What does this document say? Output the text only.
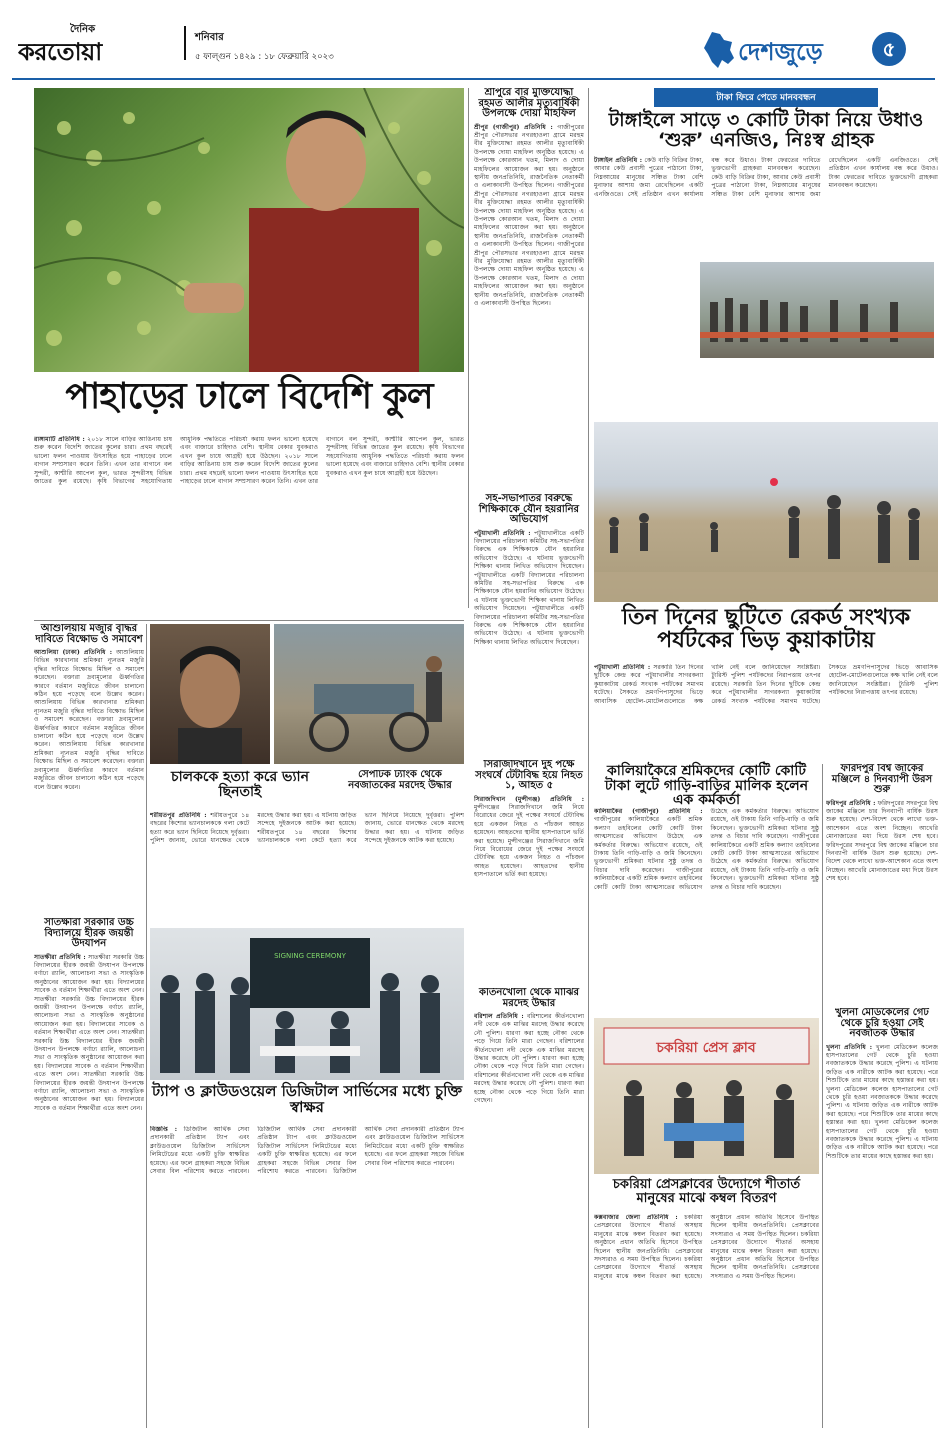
দৈনিক
করতোয়া
শনিবার
৫ ফাল্গুন ১৪২৯ : ১৮ ফেব্রুয়ারি ২০২৩	দেশজুড়ে	৫
পাহাড়ের ঢালে বিদেশি কুল
রাঙ্গামাটি প্রতিনিধি : ২০১৮ সালে বাড়ির আঙিনায় চাষ শুরু করেন বিদেশি জাতের কুলের চারা। প্রথম বছরেই ভালো ফলন পাওয়ায় উৎসাহিত হয়ে পাহাড়ের ঢালে বাগান সম্প্রসারণ করেন তিনি। এখন তার বাগানে বল সুন্দরী, কাশ্মীরি আপেল কুল, ভারত সুন্দরীসহ বিভিন্ন জাতের কুল রয়েছে। কৃষি বিভাগের সহযোগিতায় আধুনিক পদ্ধতিতে পরিচর্যা করায় ফলন ভালো হয়েছে এবং বাজারে চাহিদাও বেশি। স্থানীয় বেকার যুবকরাও এখন কুল চাষে আগ্রহী হয়ে উঠছেন। ২০১৮ সালে বাড়ির আঙিনায় চাষ শুরু করেন বিদেশি জাতের কুলের চারা। প্রথম বছরেই ভালো ফলন পাওয়ায় উৎসাহিত হয়ে পাহাড়ের ঢালে বাগান সম্প্রসারণ করেন তিনি। এখন তার বাগানে বল সুন্দরী, কাশ্মীরি আপেল কুল, ভারত সুন্দরীসহ বিভিন্ন জাতের কুল রয়েছে। কৃষি বিভাগের সহযোগিতায় আধুনিক পদ্ধতিতে পরিচর্যা করায় ফলন ভালো হয়েছে এবং বাজারে চাহিদাও বেশি। স্থানীয় বেকার যুবকরাও এখন কুল চাষে আগ্রহী হয়ে উঠছেন।
শ্রীপুরে বীর মুক্তিযোদ্ধা রহমত আলীর মৃত্যুবার্ষিকী উপলক্ষে দোয়া মাহফিল
শ্রীপুর (গাজীপুর) প্রতিনিধি : গাজীপুরের শ্রীপুর পৌরসভার নগরহাওলা গ্রামে মরহুম বীর মুক্তিযোদ্ধা রহমত আলীর মৃত্যুবার্ষিকী উপলক্ষে দোয়া মাহফিল অনুষ্ঠিত হয়েছে। এ উপলক্ষে কোরআন খতম, মিলাদ ও দোয়া মাহফিলের আয়োজন করা হয়। অনুষ্ঠানে স্থানীয় জনপ্রতিনিধি, রাজনৈতিক নেতাকর্মী ও এলাকাবাসী উপস্থিত ছিলেন। গাজীপুরের শ্রীপুর পৌরসভার নগরহাওলা গ্রামে মরহুম বীর মুক্তিযোদ্ধা রহমত আলীর মৃত্যুবার্ষিকী উপলক্ষে দোয়া মাহফিল অনুষ্ঠিত হয়েছে। এ উপলক্ষে কোরআন খতম, মিলাদ ও দোয়া মাহফিলের আয়োজন করা হয়। অনুষ্ঠানে স্থানীয় জনপ্রতিনিধি, রাজনৈতিক নেতাকর্মী ও এলাকাবাসী উপস্থিত ছিলেন। গাজীপুরের শ্রীপুর পৌরসভার নগরহাওলা গ্রামে মরহুম বীর মুক্তিযোদ্ধা রহমত আলীর মৃত্যুবার্ষিকী উপলক্ষে দোয়া মাহফিল অনুষ্ঠিত হয়েছে। এ উপলক্ষে কোরআন খতম, মিলাদ ও দোয়া মাহফিলের আয়োজন করা হয়। অনুষ্ঠানে স্থানীয় জনপ্রতিনিধি, রাজনৈতিক নেতাকর্মী ও এলাকাবাসী উপস্থিত ছিলেন।
সহ-সভাপতির বিরুদ্ধে শিক্ষিকাকে যৌন হয়রানির অভিযোগ
পটুয়াখালী প্রতিনিধি : পটুয়াখালীতে একটি বিদ্যালয়ের পরিচালনা কমিটির সহ-সভাপতির বিরুদ্ধে এক শিক্ষিকাকে যৌন হয়রানির অভিযোগ উঠেছে। এ ঘটনায় ভুক্তভোগী শিক্ষিকা থানায় লিখিত অভিযোগ দিয়েছেন। পটুয়াখালীতে একটি বিদ্যালয়ের পরিচালনা কমিটির সহ-সভাপতির বিরুদ্ধে এক শিক্ষিকাকে যৌন হয়রানির অভিযোগ উঠেছে। এ ঘটনায় ভুক্তভোগী শিক্ষিকা থানায় লিখিত অভিযোগ দিয়েছেন। পটুয়াখালীতে একটি বিদ্যালয়ের পরিচালনা কমিটির সহ-সভাপতির বিরুদ্ধে এক শিক্ষিকাকে যৌন হয়রানির অভিযোগ উঠেছে। এ ঘটনায় ভুক্তভোগী শিক্ষিকা থানায় লিখিত অভিযোগ দিয়েছেন।
সিরাজদিখানে দুই পক্ষে সংঘর্ষে টেটাবিদ্ধ হয়ে নিহত ১, আহত ৫
সিরাজদিখান (মুন্সীগঞ্জ) প্রতিনিধি : মুন্সীগঞ্জের সিরাজদিখানে জমি নিয়ে বিরোধের জেরে দুই পক্ষের সংঘর্ষে টেটাবিদ্ধ হয়ে একজন নিহত ও পাঁচজন আহত হয়েছেন। আহতদের স্থানীয় হাসপাতালে ভর্তি করা হয়েছে। মুন্সীগঞ্জের সিরাজদিখানে জমি নিয়ে বিরোধের জেরে দুই পক্ষের সংঘর্ষে টেটাবিদ্ধ হয়ে একজন নিহত ও পাঁচজন আহত হয়েছেন। আহতদের স্থানীয় হাসপাতালে ভর্তি করা হয়েছে।
কীর্তনখোলা থেকে মাঝির মরদেহ উদ্ধার
বরিশাল প্রতিনিধি : বরিশালের কীর্তনখোলা নদী থেকে এক মাঝির মরদেহ উদ্ধার করেছে নৌ পুলিশ। ধারণা করা হচ্ছে নৌকা থেকে পড়ে গিয়ে তিনি মারা গেছেন। বরিশালের কীর্তনখোলা নদী থেকে এক মাঝির মরদেহ উদ্ধার করেছে নৌ পুলিশ। ধারণা করা হচ্ছে নৌকা থেকে পড়ে গিয়ে তিনি মারা গেছেন। বরিশালের কীর্তনখোলা নদী থেকে এক মাঝির মরদেহ উদ্ধার করেছে নৌ পুলিশ। ধারণা করা হচ্ছে নৌকা থেকে পড়ে গিয়ে তিনি মারা গেছেন।
টাকা ফিরে পেতে মানববন্ধন
টাঙ্গাইলে সাড়ে ৩ কোটি টাকা নিয়ে উধাও ‘শুরু’ এনজিও, নিঃস্ব গ্রাহক
টাঙ্গাইল প্রতিনিধি : কেউ বাড়ি বিক্রির টাকা, আবার কেউ প্রবাসী পুত্রের পাঠানো টাকা, নিম্নআয়ের মানুষের সঞ্চিত টাকা বেশি মুনাফার আশায় জমা রেখেছিলেন একটি এনজিওতে। সেই প্রতিষ্ঠান এখন কার্যালয় বন্ধ করে উধাও। টাকা ফেরতের দাবিতে ভুক্তভোগী গ্রাহকরা মানববন্ধন করেছেন। কেউ বাড়ি বিক্রির টাকা, আবার কেউ প্রবাসী পুত্রের পাঠানো টাকা, নিম্নআয়ের মানুষের সঞ্চিত টাকা বেশি মুনাফার আশায় জমা রেখেছিলেন একটি এনজিওতে। সেই প্রতিষ্ঠান এখন কার্যালয় বন্ধ করে উধাও। টাকা ফেরতের দাবিতে ভুক্তভোগী গ্রাহকরা মানববন্ধন করেছেন।
তিন দিনের ছুটিতে রেকর্ড সংখ্যক পর্যটকের ভিড় কুয়াকাটায়
পটুয়াখালী প্রতিনিধি : সরকারি তিন দিনের ছুটিকে কেন্দ্র করে পটুয়াখালীর সাগরকন্যা কুয়াকাটায় রেকর্ড সংখ্যক পর্যটকের সমাগম ঘটেছে। সৈকতে ভ্রমণপিপাসুদের ভিড়ে আবাসিক হোটেল-মোটেলগুলোতে কক্ষ খালি নেই বলে জানিয়েছেন সংশ্লিষ্টরা। ট্যুরিস্ট পুলিশ পর্যটকদের নিরাপত্তায় তৎপর রয়েছে। সরকারি তিন দিনের ছুটিকে কেন্দ্র করে পটুয়াখালীর সাগরকন্যা কুয়াকাটায় রেকর্ড সংখ্যক পর্যটকের সমাগম ঘটেছে। সৈকতে ভ্রমণপিপাসুদের ভিড়ে আবাসিক হোটেল-মোটেলগুলোতে কক্ষ খালি নেই বলে জানিয়েছেন সংশ্লিষ্টরা। ট্যুরিস্ট পুলিশ পর্যটকদের নিরাপত্তায় তৎপর রয়েছে।
কালিয়াকৈরে শ্রমিকদের কোটি কোটি টাকা লুটে গাড়ি-বাড়ির মালিক হলেন এক কর্মকর্তা
কালিয়াকৈর (গাজীপুর) প্রতিনিধি : গাজীপুরের কালিয়াকৈরে একটি শ্রমিক কল্যাণ তহবিলের কোটি কোটি টাকা আত্মসাতের অভিযোগ উঠেছে এক কর্মকর্তার বিরুদ্ধে। অভিযোগ রয়েছে, ওই টাকায় তিনি গাড়ি-বাড়ি ও জমি কিনেছেন। ভুক্তভোগী শ্রমিকরা ঘটনার সুষ্ঠু তদন্ত ও বিচার দাবি করেছেন। গাজীপুরের কালিয়াকৈরে একটি শ্রমিক কল্যাণ তহবিলের কোটি কোটি টাকা আত্মসাতের অভিযোগ উঠেছে এক কর্মকর্তার বিরুদ্ধে। অভিযোগ রয়েছে, ওই টাকায় তিনি গাড়ি-বাড়ি ও জমি কিনেছেন। ভুক্তভোগী শ্রমিকরা ঘটনার সুষ্ঠু তদন্ত ও বিচার দাবি করেছেন। গাজীপুরের কালিয়াকৈরে একটি শ্রমিক কল্যাণ তহবিলের কোটি কোটি টাকা আত্মসাতের অভিযোগ উঠেছে এক কর্মকর্তার বিরুদ্ধে। অভিযোগ রয়েছে, ওই টাকায় তিনি গাড়ি-বাড়ি ও জমি কিনেছেন। ভুক্তভোগী শ্রমিকরা ঘটনার সুষ্ঠু তদন্ত ও বিচার দাবি করেছেন।
ফরিদপুর বিশ্ব জাকের মঞ্জিলে ৪ দিনব্যাপী উরস শুরু
ফরিদপুর প্রতিনিধি : ফরিদপুরের সদরপুরে বিশ্ব জাকের মঞ্জিলে চার দিনব্যাপী বার্ষিক উরস শুরু হয়েছে। দেশ-বিদেশ থেকে লাখো ভক্ত-আশেকান এতে অংশ নিচ্ছেন। আখেরি মোনাজাতের মধ্য দিয়ে উরস শেষ হবে। ফরিদপুরের সদরপুরে বিশ্ব জাকের মঞ্জিলে চার দিনব্যাপী বার্ষিক উরস শুরু হয়েছে। দেশ-বিদেশ থেকে লাখো ভক্ত-আশেকান এতে অংশ নিচ্ছেন। আখেরি মোনাজাতের মধ্য দিয়ে উরস শেষ হবে।
চকরিয়া প্রেস ক্লাব
চকরিয়া প্রেসক্লাবের উদ্যোগে শীতার্ত মানুষের মাঝে কম্বল বিতরণ
কক্সবাজার জেলা প্রতিনিধি : চকরিয়া প্রেসক্লাবের উদ্যোগে শীতার্ত অসহায় মানুষের মাঝে কম্বল বিতরণ করা হয়েছে। অনুষ্ঠানে প্রধান অতিথি হিসেবে উপস্থিত ছিলেন স্থানীয় জনপ্রতিনিধি। প্রেসক্লাবের সদস্যরাও এ সময় উপস্থিত ছিলেন। চকরিয়া প্রেসক্লাবের উদ্যোগে শীতার্ত অসহায় মানুষের মাঝে কম্বল বিতরণ করা হয়েছে। অনুষ্ঠানে প্রধান অতিথি হিসেবে উপস্থিত ছিলেন স্থানীয় জনপ্রতিনিধি। প্রেসক্লাবের সদস্যরাও এ সময় উপস্থিত ছিলেন। চকরিয়া প্রেসক্লাবের উদ্যোগে শীতার্ত অসহায় মানুষের মাঝে কম্বল বিতরণ করা হয়েছে। অনুষ্ঠানে প্রধান অতিথি হিসেবে উপস্থিত ছিলেন স্থানীয় জনপ্রতিনিধি। প্রেসক্লাবের সদস্যরাও এ সময় উপস্থিত ছিলেন।
খুলনা মেডিকেলের গেট থেকে চুরি হওয়া সেই নবজাতক উদ্ধার
খুলনা প্রতিনিধি : খুলনা মেডিকেল কলেজ হাসপাতালের গেট থেকে চুরি হওয়া নবজাতককে উদ্ধার করেছে পুলিশ। এ ঘটনায় জড়িত এক নারীকে আটক করা হয়েছে। পরে শিশুটিকে তার মায়ের কাছে হস্তান্তর করা হয়। খুলনা মেডিকেল কলেজ হাসপাতালের গেট থেকে চুরি হওয়া নবজাতককে উদ্ধার করেছে পুলিশ। এ ঘটনায় জড়িত এক নারীকে আটক করা হয়েছে। পরে শিশুটিকে তার মায়ের কাছে হস্তান্তর করা হয়। খুলনা মেডিকেল কলেজ হাসপাতালের গেট থেকে চুরি হওয়া নবজাতককে উদ্ধার করেছে পুলিশ। এ ঘটনায় জড়িত এক নারীকে আটক করা হয়েছে। পরে শিশুটিকে তার মায়ের কাছে হস্তান্তর করা হয়।
আশুলিয়ায় মজুরি বৃদ্ধির দাবিতে বিক্ষোভ ও সমাবেশ
আশুলিয়া (ঢাকা) প্রতিনিধি : আশুলিয়ায় বিভিন্ন কারখানার শ্রমিকরা ন্যূনতম মজুরি বৃদ্ধির দাবিতে বিক্ষোভ মিছিল ও সমাবেশ করেছেন। বক্তারা দ্রব্যমূল্যের ঊর্ধ্বগতির কারণে বর্তমান মজুরিতে জীবন চালানো কঠিন হয়ে পড়েছে বলে উল্লেখ করেন। আশুলিয়ায় বিভিন্ন কারখানার শ্রমিকরা ন্যূনতম মজুরি বৃদ্ধির দাবিতে বিক্ষোভ মিছিল ও সমাবেশ করেছেন। বক্তারা দ্রব্যমূল্যের ঊর্ধ্বগতির কারণে বর্তমান মজুরিতে জীবন চালানো কঠিন হয়ে পড়েছে বলে উল্লেখ করেন। আশুলিয়ায় বিভিন্ন কারখানার শ্রমিকরা ন্যূনতম মজুরি বৃদ্ধির দাবিতে বিক্ষোভ মিছিল ও সমাবেশ করেছেন। বক্তারা দ্রব্যমূল্যের ঊর্ধ্বগতির কারণে বর্তমান মজুরিতে জীবন চালানো কঠিন হয়ে পড়েছে বলে উল্লেখ করেন।
সাতক্ষীরা সরকারি উচ্চ বিদ্যালয়ে হীরক জয়ন্তী উদযাপন
সাতক্ষীরা প্রতিনিধি : সাতক্ষীরা সরকারি উচ্চ বিদ্যালয়ের হীরক জয়ন্তী উদযাপন উপলক্ষে বর্ণাঢ্য র‍্যালি, আলোচনা সভা ও সাংস্কৃতিক অনুষ্ঠানের আয়োজন করা হয়। বিদ্যালয়ের সাবেক ও বর্তমান শিক্ষার্থীরা এতে অংশ নেন। সাতক্ষীরা সরকারি উচ্চ বিদ্যালয়ের হীরক জয়ন্তী উদযাপন উপলক্ষে বর্ণাঢ্য র‍্যালি, আলোচনা সভা ও সাংস্কৃতিক অনুষ্ঠানের আয়োজন করা হয়। বিদ্যালয়ের সাবেক ও বর্তমান শিক্ষার্থীরা এতে অংশ নেন। সাতক্ষীরা সরকারি উচ্চ বিদ্যালয়ের হীরক জয়ন্তী উদযাপন উপলক্ষে বর্ণাঢ্য র‍্যালি, আলোচনা সভা ও সাংস্কৃতিক অনুষ্ঠানের আয়োজন করা হয়। বিদ্যালয়ের সাবেক ও বর্তমান শিক্ষার্থীরা এতে অংশ নেন। সাতক্ষীরা সরকারি উচ্চ বিদ্যালয়ের হীরক জয়ন্তী উদযাপন উপলক্ষে বর্ণাঢ্য র‍্যালি, আলোচনা সভা ও সাংস্কৃতিক অনুষ্ঠানের আয়োজন করা হয়। বিদ্যালয়ের সাবেক ও বর্তমান শিক্ষার্থীরা এতে অংশ নেন।
চালককে হত্যা করে ভ্যান ছিনতাই
শরীয়তপুর প্রতিনিধি : শরীয়তপুরে ১৪ বছরের কিশোর ভ্যানচালককে গলা কেটে হত্যা করে ভ্যান ছিনিয়ে নিয়েছে দুর্বৃত্তরা। পুলিশ জানায়, ভোরে ধানক্ষেত থেকে মরদেহ উদ্ধার করা হয়। এ ঘটনায় জড়িত সন্দেহে দুইজনকে আটক করা হয়েছে। শরীয়তপুরে ১৪ বছরের কিশোর ভ্যানচালককে গলা কেটে হত্যা করে ভ্যান ছিনিয়ে নিয়েছে দুর্বৃত্তরা। পুলিশ জানায়, ভোরে ধানক্ষেত থেকে মরদেহ উদ্ধার করা হয়। এ ঘটনায় জড়িত সন্দেহে দুইজনকে আটক করা হয়েছে।
সেপটিক ট্যাংক থেকে নবজাতকের মরদেহ উদ্ধার
SIGNING CEREMONY
ট্যাপ ও ক্লাউডওয়েল ডিজিটাল সার্ভিসের মধ্যে চুক্তি স্বাক্ষর
বিজ্ঞপ্তি : ডিজিটাল আর্থিক সেবা প্রদানকারী প্রতিষ্ঠান ট্যাপ এবং ক্লাউডওয়েল ডিজিটাল সার্ভিসেস লিমিটেডের মধ্যে একটি চুক্তি স্বাক্ষরিত হয়েছে। এর ফলে গ্রাহকরা সহজে বিভিন্ন সেবার বিল পরিশোধ করতে পারবেন। ডিজিটাল আর্থিক সেবা প্রদানকারী প্রতিষ্ঠান ট্যাপ এবং ক্লাউডওয়েল ডিজিটাল সার্ভিসেস লিমিটেডের মধ্যে একটি চুক্তি স্বাক্ষরিত হয়েছে। এর ফলে গ্রাহকরা সহজে বিভিন্ন সেবার বিল পরিশোধ করতে পারবেন। ডিজিটাল আর্থিক সেবা প্রদানকারী প্রতিষ্ঠান ট্যাপ এবং ক্লাউডওয়েল ডিজিটাল সার্ভিসেস লিমিটেডের মধ্যে একটি চুক্তি স্বাক্ষরিত হয়েছে। এর ফলে গ্রাহকরা সহজে বিভিন্ন সেবার বিল পরিশোধ করতে পারবেন।
